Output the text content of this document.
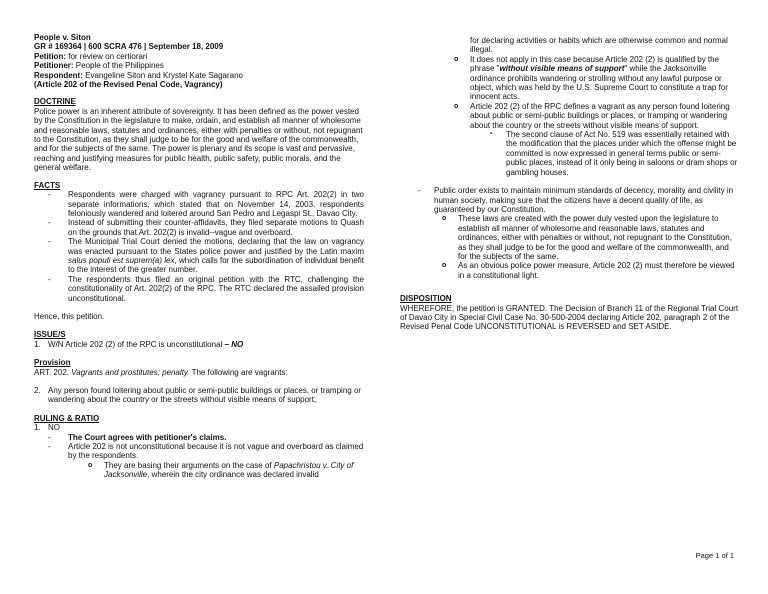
People v. Siton

GR # 169364 | 600 SCRA 476 | September 18, 2009

Petition: for review on certiorari

Petitioner: People of the Philippines

Respondent: Evangeline Siton and Krystel Kate Sagarano

(Article 202 of the Revised Penal Code, Vagrancy)

DOCTRINE

Police power is an inherent attribute of sovereignty. It has been defined as the power vested by the Constitution in the legislature to make, ordain, and establish all manner of wholesome and reasonable laws, statutes and ordinances, either with penalties or without, not repugnant to the Constitution, as they shall judge to be for the good and welfare of the commonwealth, and for the subjects of the same. The power is plenary and its scope is vast and pervasive, reaching and justifying measures for public health, public safety, public morals, and the general welfare.

FACTS

- Respondents were charged with vagrancy pursuant to RPC Art. 202(2) in two separate informations, which stated that on November 14, 2003, respondents feloniously wandered and loitered around San Pedro and Legaspi St., Davao City.
- Instead of submitting their counter-affidavits, they filed separate motions to Quash on the grounds that Art. 202(2) is invalid--vague and overboard.
- The Municipal Trial Court denied the motions, declaring that the law on vagrancy was enacted pursuant to the States police power and justified by the Latin maxim salus populi est suprem(a) lex, which calls for the subordination of individual benefit to the interest of the greater number.
- The respondents thus filed an original petition with the RTC, challenging the constitutionality of Art. 202(2) of the RPC. The RTC declared the assailed provision unconstitutional.

Hence, this petition.

ISSUE/S

1. W/N Article 202 (2) of the RPC is unconstitutional – NO

Provision

ART. 202. Vagrants and prostitutes; penalty. The following are vagrants:

2. Any person found loitering about public or semi-public buildings or places, or tramping or wandering about the country or the streets without visible means of support;

RULING & RATIO

1. NO
- The Court agrees with petitioner's claims.
- Article 202 is not unconstitutional because it is not vague and overboard as claimed by the respondents.
o They are basing their arguments on the case of Papachristou v. City of Jacksonville, wherein the city ordinance was declared invalid
for declaring activities or habits which are otherwise common and normal illegal.
o It does not apply in this case because Article 202 (2) is qualified by the phrase "without visible means of support" while the Jacksonville ordinance prohibits wandering or strolling without any lawful purpose or object, which was held by the U.S. Supreme Court to constitute a trap for innocent acts.
o Article 202 (2) of the RPC defines a vagrant as any person found loitering about public or semi-public buildings or places, or tramping or wandering about the country or the streets without visible means of support.
▪ The second clause of Act No. 519 was essentially retained with the modification that the places under which the offense might be committed is now expressed in general terms public or semi-public places, instead of it only being in saloons or dram shops or gambling houses.
- Public order exists to maintain minimum standards of decency, morality and civility in human society, making sure that the citizens have a decent quality of life, as guaranteed by our Constitution.
o These laws are created with the power duly vested upon the legislature to establish all manner of wholesome and reasonable laws, statutes and ordinances, either with penalties or without, not repugnant to the Constitution, as they shall judge to be for the good and welfare of the commonwealth, and for the subjects of the same.
o As an obvious police power measure, Article 202 (2) must therefore be viewed in a constitutional light.

DISPOSITION

WHEREFORE, the petition is GRANTED. The Decision of Branch 11 of the Regional Trial Court of Davao City in Special Civil Case No. 30-500-2004 declaring Article 202, paragraph 2 of the Revised Penal Code UNCONSTITUTIONAL is REVERSED and SET ASIDE.

Page 1 of 1
